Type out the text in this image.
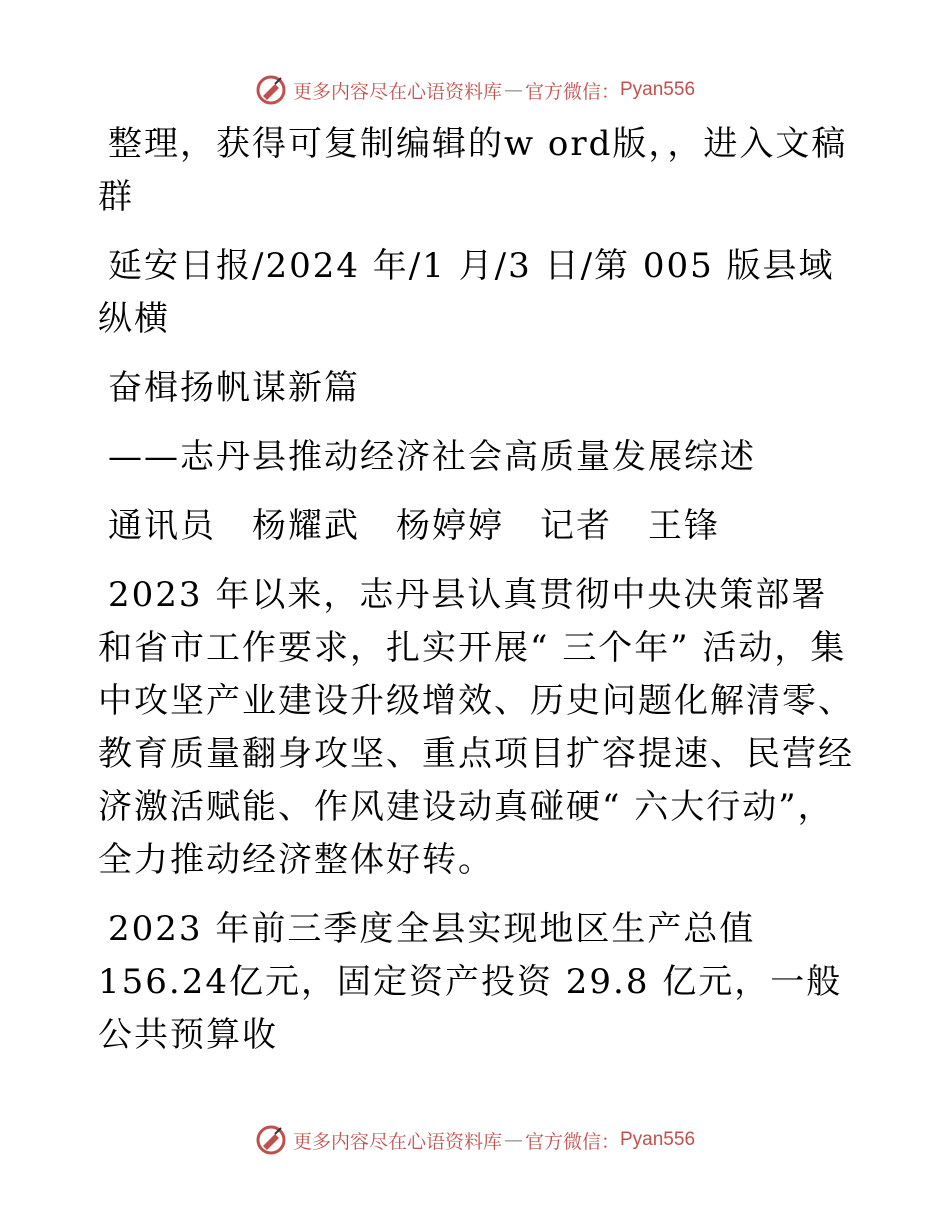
更多内容尽在心语资料库 — 官方微信： Pyan556

整理，获得可复制编辑的w ord版，，进入文稿群

延安日报/2024 年/1 月/3 日/第 005 版县域纵横

奋楫扬帆谋新篇

——志丹县推动经济社会高质量发展综述

通讯员　杨耀武　杨婷婷　记者　王锋

2023 年以来，志丹县认真贯彻中央决策部署和省市工作要求，扎实开展“ 三个年” 活动，集中攻坚产业建设升级增效、历史问题化解清零、教育质量翻身攻坚、重点项目扩容提速、民营经济激活赋能、作风建设动真碰硬“ 六大行动”，全力推动经济整体好转。

2023 年前三季度全县实现地区生产总值 156.24亿元，固定资产投资 29.8 亿元，一般公共预算收

更多内容尽在心语资料库 — 官方微信： Pyan556
